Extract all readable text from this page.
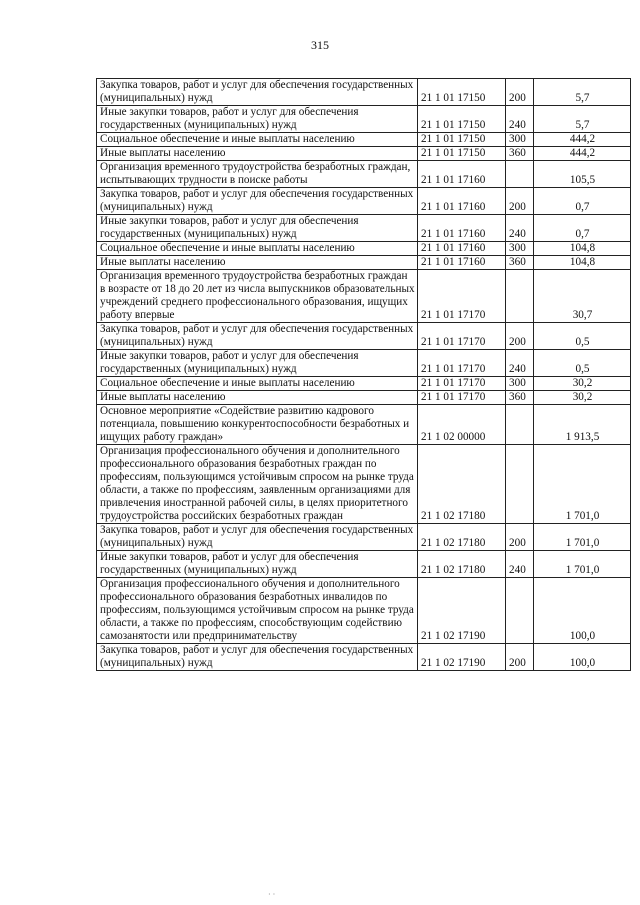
315
Закупка товаров, работ и услуг для обеспечения государственных (муниципальных) нужд	21 1 01 17150	200	5,7
Иные закупки товаров, работ и услуг для обеспечения государственных (муниципальных) нужд	21 1 01 17150	240	5,7
Социальное обеспечение и иные выплаты населению	21 1 01 17150	300	444,2
Иные выплаты населению	21 1 01 17150	360	444,2
Организация временного трудоустройства безработных граждан, испытывающих трудности в поиске работы	21 1 01 17160		105,5
Закупка товаров, работ и услуг для обеспечения государственных (муниципальных) нужд	21 1 01 17160	200	0,7
Иные закупки товаров, работ и услуг для обеспечения государственных (муниципальных) нужд	21 1 01 17160	240	0,7
Социальное обеспечение и иные выплаты населению	21 1 01 17160	300	104,8
Иные выплаты населению	21 1 01 17160	360	104,8
Организация временного трудоустройства безработных граждан в возрасте от 18 до 20 лет из числа выпускников образовательных учреждений среднего профессионального образования, ищущих работу впервые	21 1 01 17170		30,7
Закупка товаров, работ и услуг для обеспечения государственных (муниципальных) нужд	21 1 01 17170	200	0,5
Иные закупки товаров, работ и услуг для обеспечения государственных (муниципальных) нужд	21 1 01 17170	240	0,5
Социальное обеспечение и иные выплаты населению	21 1 01 17170	300	30,2
Иные выплаты населению	21 1 01 17170	360	30,2
Основное мероприятие «Содействие развитию кадрового потенциала, повышению конкурентоспособности безработных и ищущих работу граждан»	21 1 02 00000		1 913,5
Организация профессионального обучения и дополнительного профессионального образования безработных граждан по профессиям, пользующимся устойчивым спросом на рынке труда области, а также по профессиям, заявленным организациями для привлечения иностранной рабочей силы, в целях приоритетного трудоустройства российских безработных граждан	21 1 02 17180		1 701,0
Закупка товаров, работ и услуг для обеспечения государственных (муниципальных) нужд	21 1 02 17180	200	1 701,0
Иные закупки товаров, работ и услуг для обеспечения государственных (муниципальных) нужд	21 1 02 17180	240	1 701,0
Организация профессионального обучения и дополнительного профессионального образования безработных инвалидов по профессиям, пользующимся устойчивым спросом на рынке труда области, а также по профессиям, способствующим содействию самозанятости или предпринимательству	21 1 02 17190		100,0
Закупка товаров, работ и услуг для обеспечения государственных (муниципальных) нужд	21 1 02 17190	200	100,0
· ·
